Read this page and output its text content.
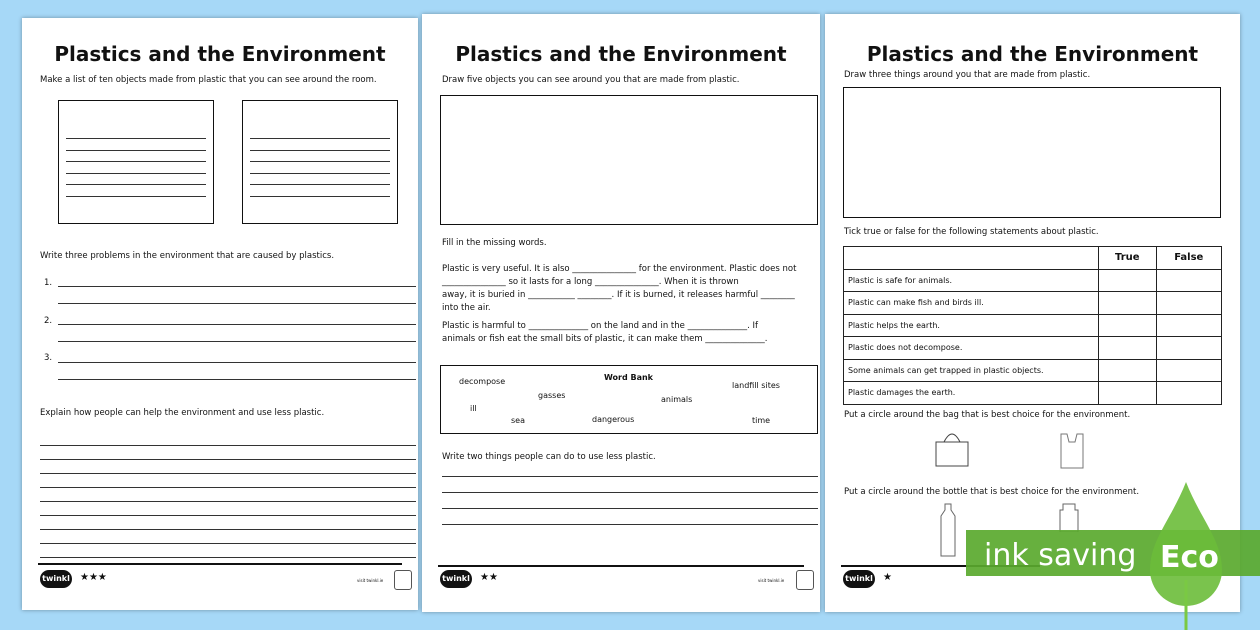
Plastics and the Environment
Make a list of ten objects made from plastic that you can see around the room.
Write three problems in the environment that are caused by plastics.
1.
2.
3.
Explain how people can help the environment and use less plastic.
twinkl ★★★	visit twinkl.ie
Plastics and the Environment
Draw five objects you can see around you that are made from plastic.
Fill in the missing words.
Plastic is very useful. It is also _______________ for the environment. Plastic does not
_______________ so it lasts for a long _______________. When it is thrown
away, it is buried in ___________ ________. If it is burned, it releases harmful ________
into the air.
Plastic is harmful to ______________ on the land and in the ______________. If
animals or fish eat the small bits of plastic, it can make them ______________.
Word Bank
decompose	landfill sites
gasses	animals
ill
sea	dangerous	time
Write two things people can do to use less plastic.
twinkl ★★	visit twinkl.ie
Plastics and the Environment
Draw three things around you that are made from plastic.
Tick true or false for the following statements about plastic.
	True	False
Plastic is safe for animals.		
Plastic can make fish and birds ill.		
Plastic helps the earth.		
Plastic does not decompose.		
Some animals can get trapped in plastic objects.		
Plastic damages the earth.		
Put a circle around the bag that is best choice for the environment.
Put a circle around the bottle that is best choice for the environment.
twinkl ★
ink saving Eco
